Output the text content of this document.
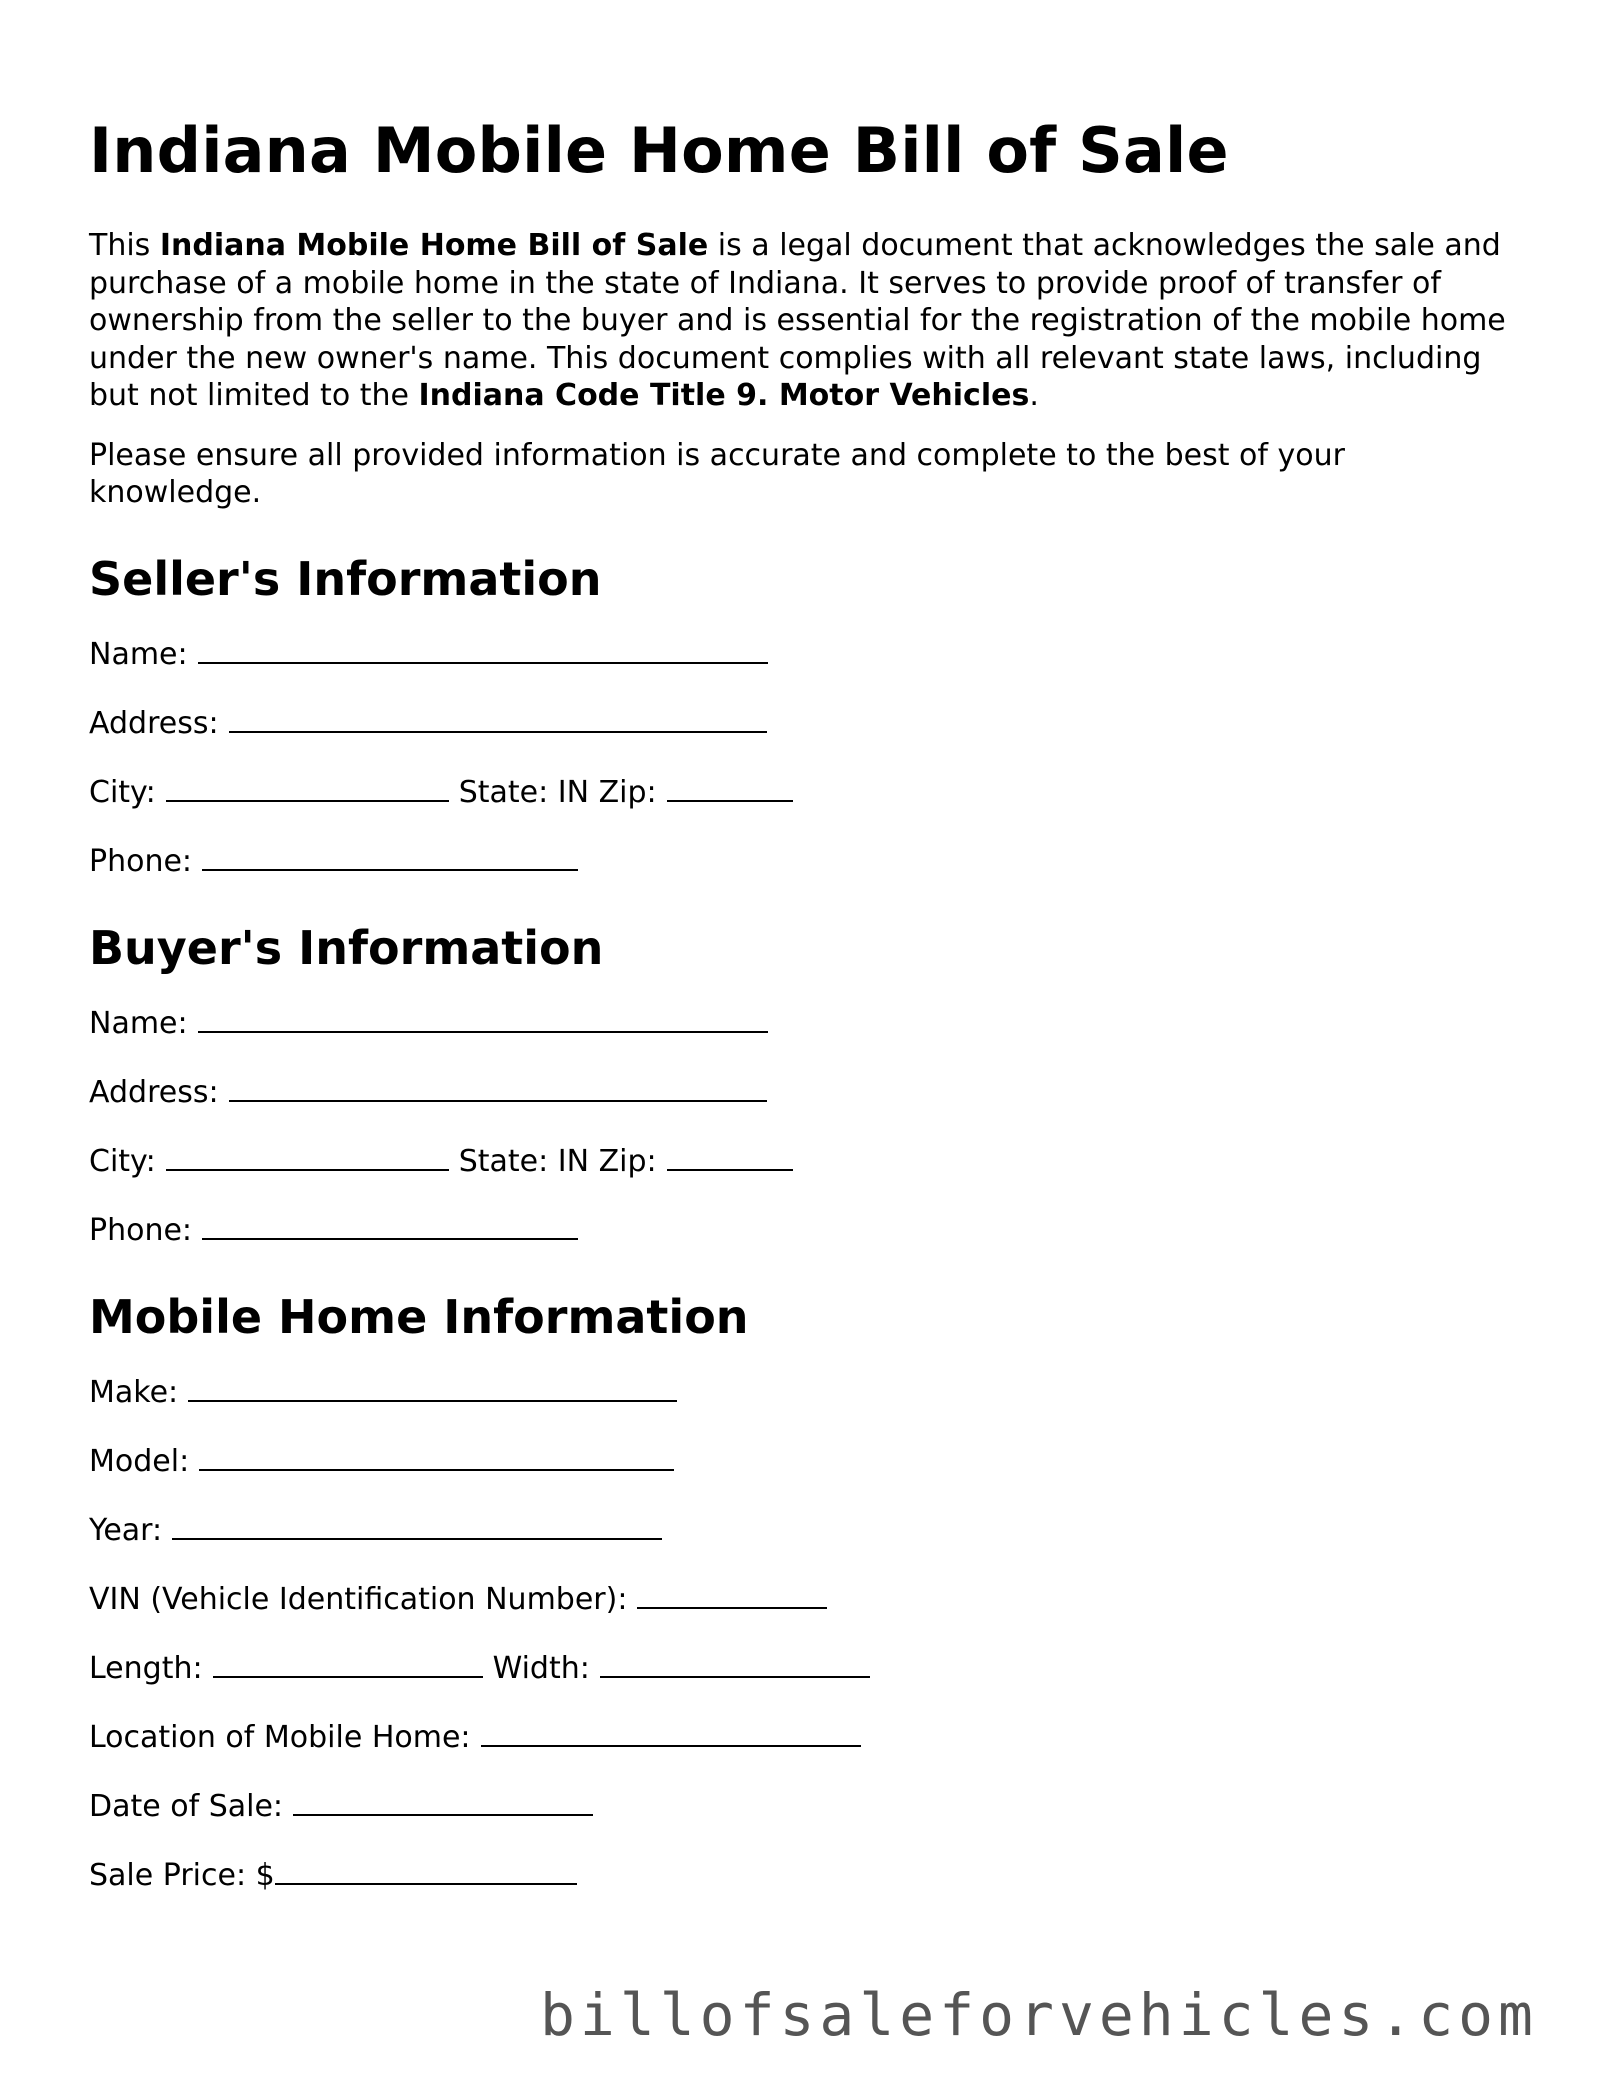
Indiana Mobile Home Bill of Sale

This Indiana Mobile Home Bill of Sale is a legal document that acknowledges the sale and purchase of a mobile home in the state of Indiana. It serves to provide proof of transfer of ownership from the seller to the buyer and is essential for the registration of the mobile home under the new owner's name. This document complies with all relevant state laws, including but not limited to the Indiana Code Title 9. Motor Vehicles.

Please ensure all provided information is accurate and complete to the best of your knowledge.

Seller's Information
Name:
Address:
City:	State: IN Zip:
Phone:
Buyer's Information
Name:
Address:
City:	State: IN Zip:
Phone:
Mobile Home Information
Make:
Model:
Year:
VIN (Vehicle Identification Number):
Length:	Width:
Location of Mobile Home:
Date of Sale:
Sale Price: $
billofsaleforvehicles.com
